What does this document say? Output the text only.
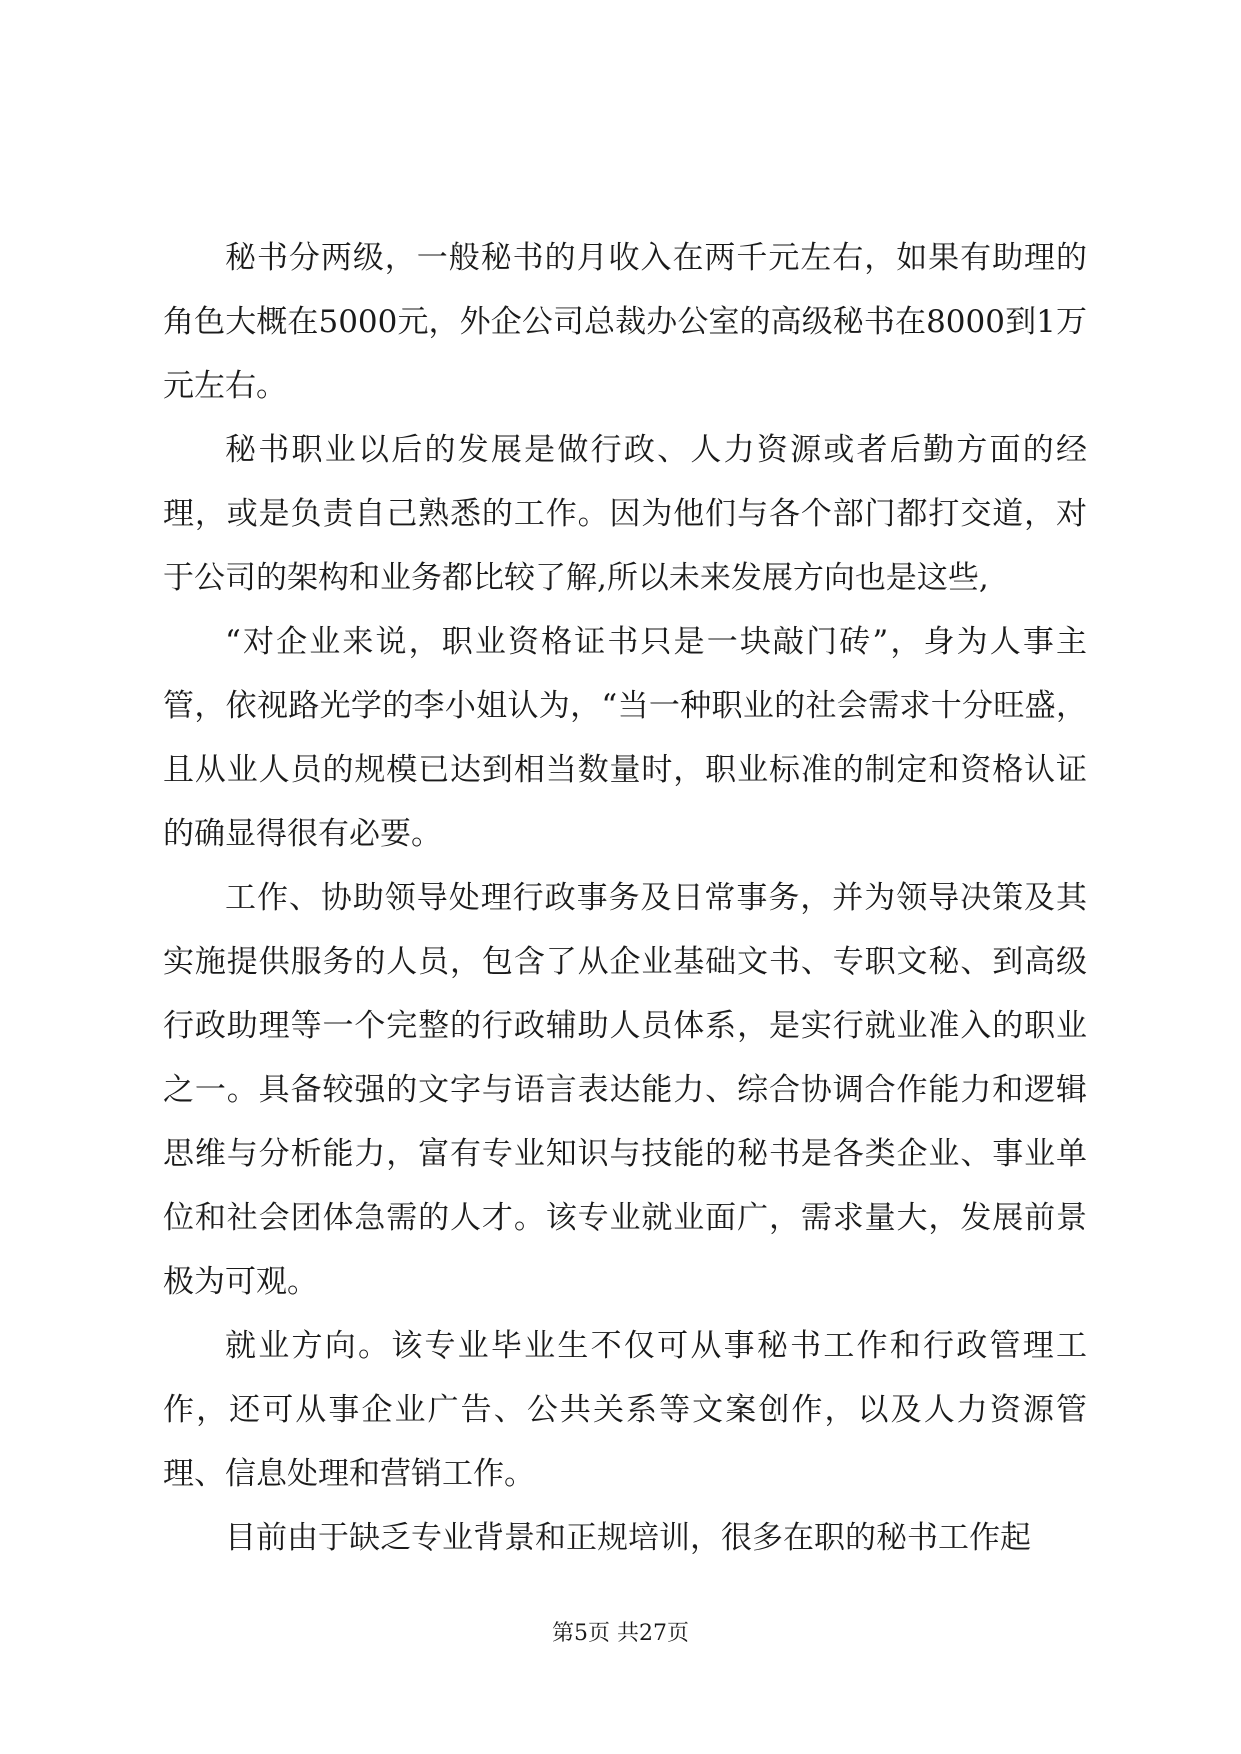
秘书分两级，一般秘书的月收入在两千元左右，如果有助理的角色大概在5000元，外企公司总裁办公室的高级秘书在8000到1万元左右。

秘书职业以后的发展是做行政、人力资源或者后勤方面的经理，或是负责自己熟悉的工作。因为他们与各个部门都打交道，对于公司的架构和业务都比较了解,所以未来发展方向也是这些,

“对企业来说，职业资格证书只是一块敲门砖”，身为人事主管，依视路光学的李小姐认为，“当一种职业的社会需求十分旺盛，且从业人员的规模已达到相当数量时，职业标准的制定和资格认证的确显得很有必要。

工作、协助领导处理行政事务及日常事务，并为领导决策及其实施提供服务的人员，包含了从企业基础文书、专职文秘、到高级行政助理等一个完整的行政辅助人员体系，是实行就业准入的职业之一。具备较强的文字与语言表达能力、综合协调合作能力和逻辑思维与分析能力，富有专业知识与技能的秘书是各类企业、事业单位和社会团体急需的人才。该专业就业面广，需求量大，发展前景极为可观。

就业方向。该专业毕业生不仅可从事秘书工作和行政管理工作，还可从事企业广告、公共关系等文案创作，以及人力资源管理、信息处理和营销工作。

目前由于缺乏专业背景和正规培训，很多在职的秘书工作起

第5页 共27页
